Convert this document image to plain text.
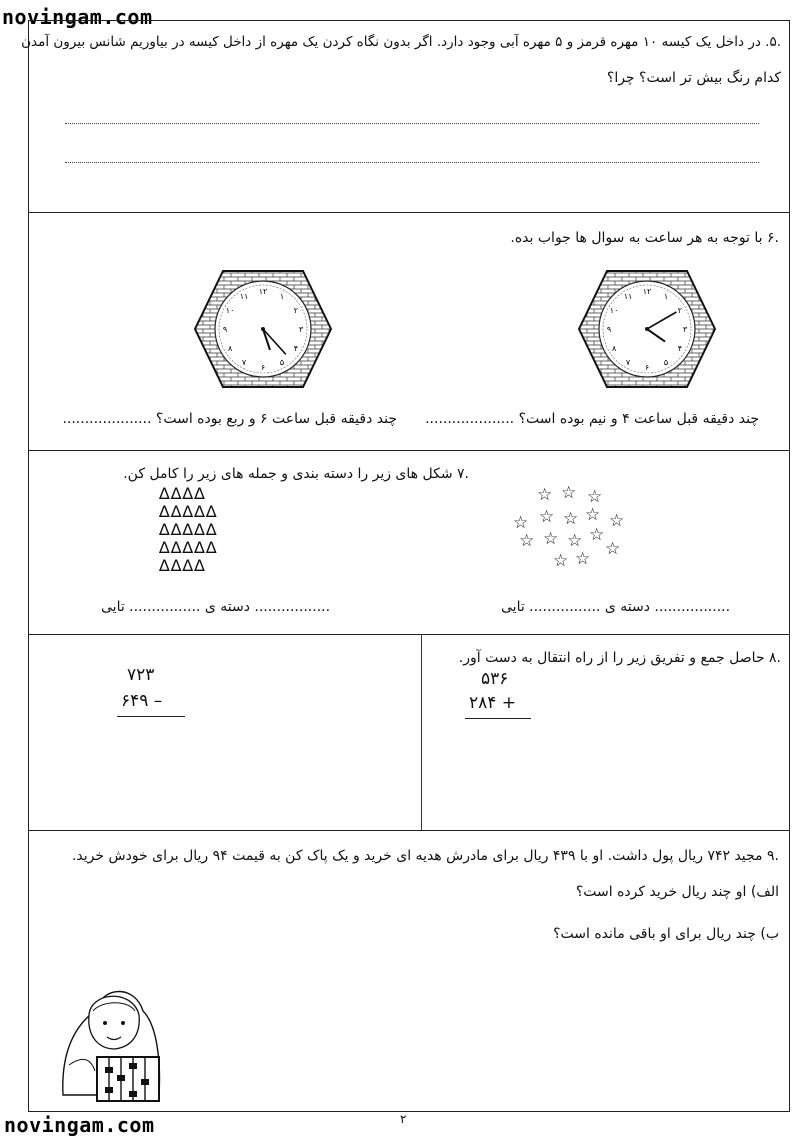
novingam.com
.۵. در داخل یک کیسه ۱۰ مهره قرمز و ۵ مهره آبی وجود دارد. اگر بدون نگاه کردن یک مهره از داخل کیسه در بیاوریم شانس بیرون آمدن
کدام رنگ بیش تر است؟ چرا؟
.۶ با توجه به هر ساعت به سوال ها جواب بده.
۱۲
۱
۲
۳
۴
۵
۶
۷
۸
۹
۱۰
۱۱
۱۲
۱
۲
۳
۴
۵
۶
۷
۸
۹
۱۰
۱۱
چند دقیقه قبل ساعت ۴ و نیم بوده است؟ ....................
چند دقیقه قبل ساعت ۶ و ربع بوده است؟ ....................
.۷ شکل های زیر را دسته بندی و جمله های زیر را کامل کن.
☆ ☆ ☆
☆ ☆ ☆ ☆ ☆
☆ ☆ ☆ ☆
☆
☆ ☆
∆∆∆∆
∆∆∆∆∆
∆∆∆∆∆
∆∆∆∆∆
∆∆∆∆
................. دسته ی ................ تایی
................. دسته ی ................ تایی
.۸ حاصل جمع و تفریق زیر را از راه انتقال به دست آور.
۵۳۶
+ ۲۸۴
۷۲۳
– ۶۴۹
.۹ مجید ۷۴۲ ریال پول داشت. او با ۴۳۹ ریال برای مادرش هدیه ای خرید و یک پاک کن به قیمت ۹۴ ریال برای خودش خرید.
الف) او چند ریال خرید کرده است؟
ب) چند ریال برای او باقی مانده است؟
novingam.com	۲
